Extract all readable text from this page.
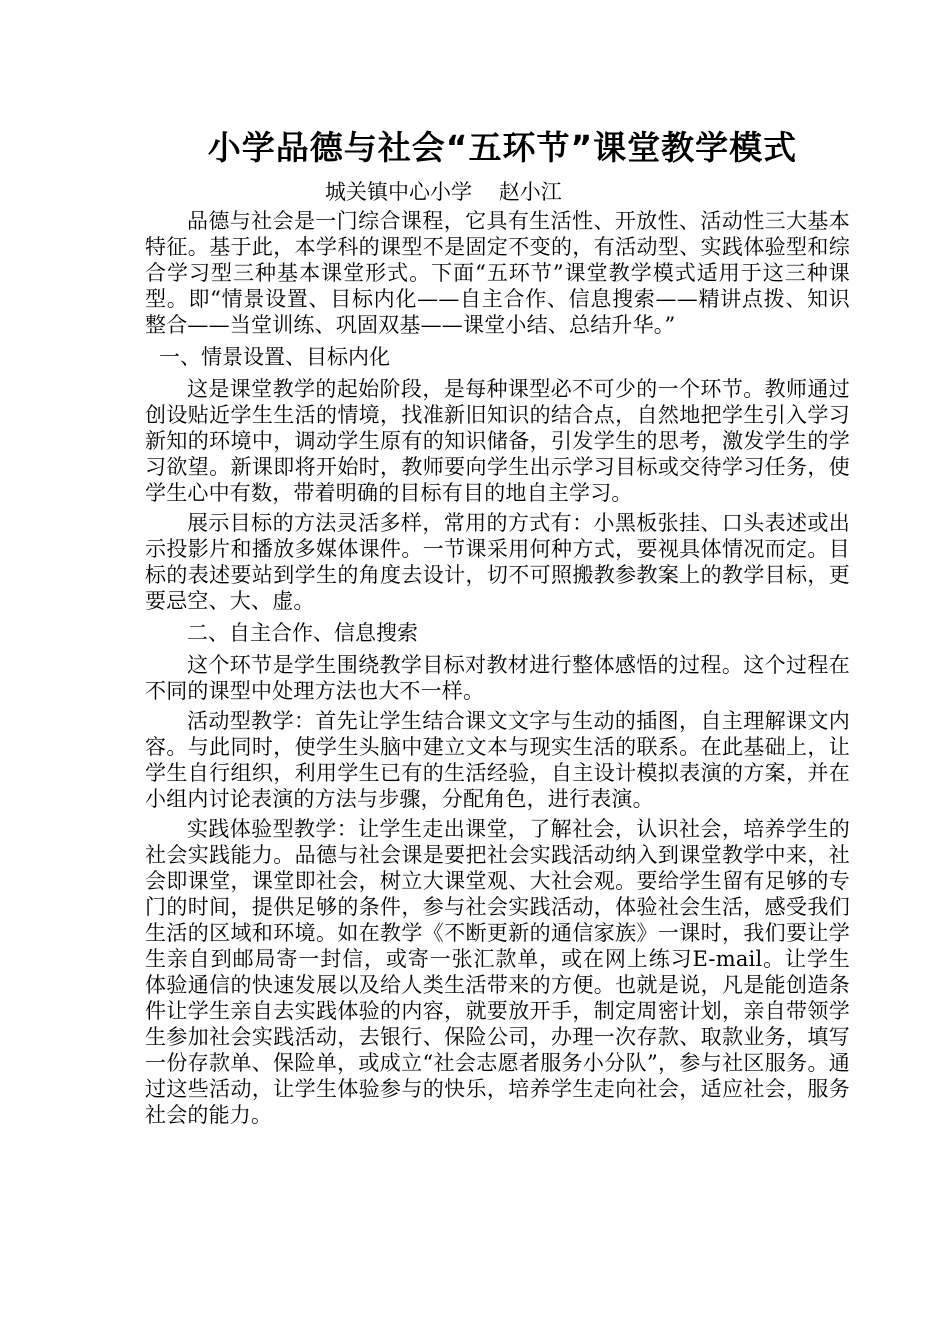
小学品德与社会“五环节”课堂教学模式
城关镇中心小学    赵小江

品德与社会是一门综合课程，它具有生活性、开放性、活动性三大基本特征。基于此，本学科的课型不是固定不变的，有活动型、实践体验型和综合学习型三种基本课堂形式。下面“五环节”课堂教学模式适用于这三种课型。即“情景设置、目标内化——自主合作、信息搜索——精讲点拨、知识整合——当堂训练、巩固双基——课堂小结、总结升华。”

一、情景设置、目标内化

这是课堂教学的起始阶段，是每种课型必不可少的一个环节。教师通过创设贴近学生生活的情境，找准新旧知识的结合点，自然地把学生引入学习新知的环境中，调动学生原有的知识储备，引发学生的思考，激发学生的学习欲望。新课即将开始时，教师要向学生出示学习目标或交待学习任务，使学生心中有数，带着明确的目标有目的地自主学习。

展示目标的方法灵活多样，常用的方式有：小黑板张挂、口头表述或出示投影片和播放多媒体课件。一节课采用何种方式，要视具体情况而定。目标的表述要站到学生的角度去设计，切不可照搬教参教案上的教学目标，更要忌空、大、虚。

二、自主合作、信息搜索

这个环节是学生围绕教学目标对教材进行整体感悟的过程。这个过程在不同的课型中处理方法也大不一样。

活动型教学：首先让学生结合课文文字与生动的插图，自主理解课文内容。与此同时，使学生头脑中建立文本与现实生活的联系。在此基础上，让学生自行组织，利用学生已有的生活经验，自主设计模拟表演的方案，并在小组内讨论表演的方法与步骤，分配角色，进行表演。

实践体验型教学：让学生走出课堂，了解社会，认识社会，培养学生的社会实践能力。品德与社会课是要把社会实践活动纳入到课堂教学中来，社会即课堂，课堂即社会，树立大课堂观、大社会观。要给学生留有足够的专门的时间，提供足够的条件，参与社会实践活动，体验社会生活，感受我们生活的区域和环境。如在教学《不断更新的通信家族》一课时，我们要让学生亲自到邮局寄一封信，或寄一张汇款单，或在网上练习E-mail。让学生体验通信的快速发展以及给人类生活带来的方便。也就是说，凡是能创造条件让学生亲自去实践体验的内容，就要放开手，制定周密计划，亲自带领学生参加社会实践活动，去银行、保险公司，办理一次存款、取款业务，填写一份存款单、保险单，或成立“社会志愿者服务小分队”，参与社区服务。通过这些活动，让学生体验参与的快乐，培养学生走向社会，适应社会，服务社会的能力。
